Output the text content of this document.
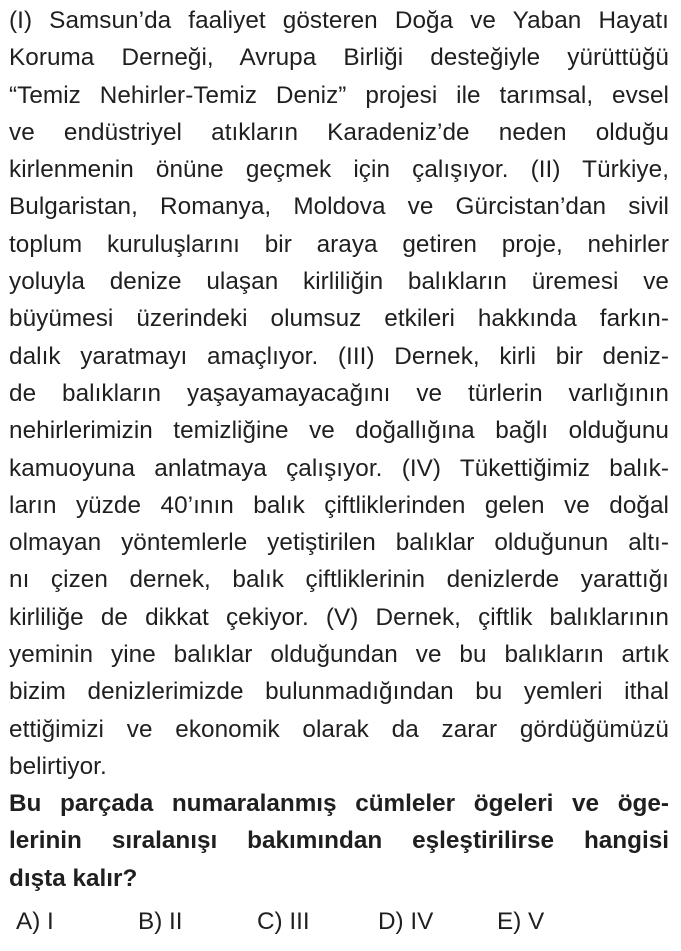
(I) Samsun’da faaliyet gösteren Doğa ve Yaban Hayatı
Koruma Derneği, Avrupa Birliği desteğiyle yürüttüğü
“Temiz Nehirler-Temiz Deniz” projesi ile tarımsal, evsel
ve endüstriyel atıkların Karadeniz’de neden olduğu
kirlenmenin önüne geçmek için çalışıyor. (II) Türkiye,
Bulgaristan, Romanya, Moldova ve Gürcistan’dan sivil
toplum kuruluşlarını bir araya getiren proje, nehirler
yoluyla denize ulaşan kirliliğin balıkların üremesi ve
büyümesi üzerindeki olumsuz etkileri hakkında farkın-
dalık yaratmayı amaçlıyor. (III) Dernek, kirli bir deniz-
de balıkların yaşayamayacağını ve türlerin varlığının
nehirlerimizin temizliğine ve doğallığına bağlı olduğunu
kamuoyuna anlatmaya çalışıyor. (IV) Tükettiğimiz balık-
ların yüzde 40’ının balık çiftliklerinden gelen ve doğal
olmayan yöntemlerle yetiştirilen balıklar olduğunun altı-
nı çizen dernek, balık çiftliklerinin denizlerde yarattığı
kirliliğe de dikkat çekiyor. (V) Dernek, çiftlik balıklarının
yeminin yine balıklar olduğundan ve bu balıkların artık
bizim denizlerimizde bulunmadığından bu yemleri ithal
ettiğimizi ve ekonomik olarak da zarar gördüğümüzü
belirtiyor.
Bu parçada numaralanmış cümleler ögeleri ve öge-
lerinin sıralanışı bakımından eşleştirilirse hangisi
dışta kalır?
A) I	B) II	C) III	D) IV	E) V
